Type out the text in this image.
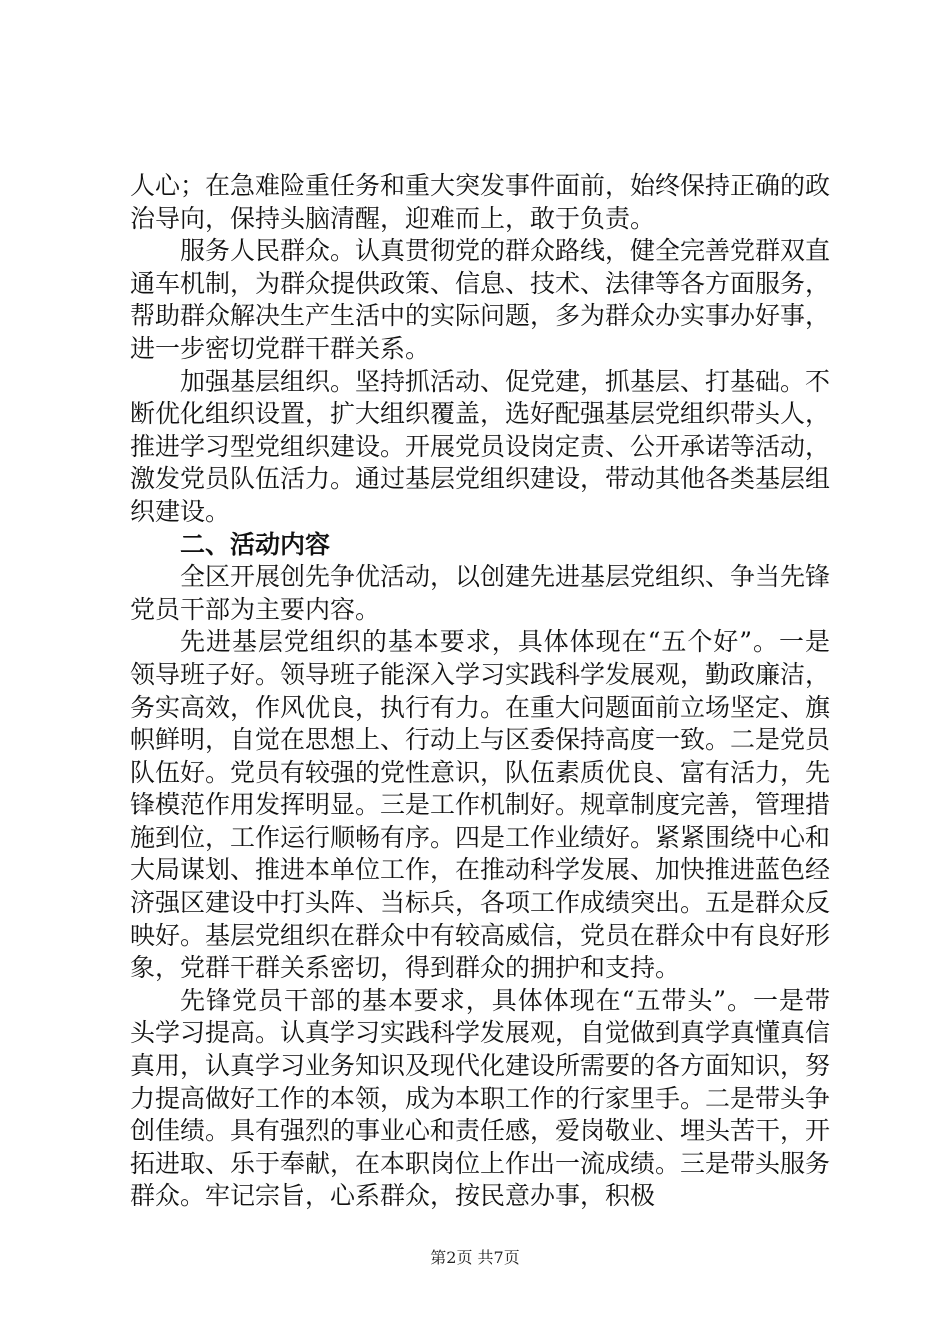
人心；在急难险重任务和重大突发事件面前，始终保持正确的政治导向，保持头脑清醒，迎难而上，敢于负责。

服务人民群众。认真贯彻党的群众路线，健全完善党群双直通车机制，为群众提供政策、信息、技术、法律等各方面服务，帮助群众解决生产生活中的实际问题，多为群众办实事办好事，进一步密切党群干群关系。

加强基层组织。坚持抓活动、促党建，抓基层、打基础。不断优化组织设置，扩大组织覆盖，选好配强基层党组织带头人，推进学习型党组织建设。开展党员设岗定责、公开承诺等活动，激发党员队伍活力。通过基层党组织建设，带动其他各类基层组织建设。

二、活动内容

全区开展创先争优活动，以创建先进基层党组织、争当先锋党员干部为主要内容。

先进基层党组织的基本要求，具体体现在“五个好”。一是领导班子好。领导班子能深入学习实践科学发展观，勤政廉洁，务实高效，作风优良，执行有力。在重大问题面前立场坚定、旗帜鲜明，自觉在思想上、行动上与区委保持高度一致。二是党员队伍好。党员有较强的党性意识，队伍素质优良、富有活力，先锋模范作用发挥明显。三是工作机制好。规章制度完善，管理措施到位，工作运行顺畅有序。四是工作业绩好。紧紧围绕中心和大局谋划、推进本单位工作，在推动科学发展、加快推进蓝色经济强区建设中打头阵、当标兵，各项工作成绩突出。五是群众反映好。基层党组织在群众中有较高威信，党员在群众中有良好形象，党群干群关系密切，得到群众的拥护和支持。

先锋党员干部的基本要求，具体体现在“五带头”。一是带头学习提高。认真学习实践科学发展观，自觉做到真学真懂真信真用，认真学习业务知识及现代化建设所需要的各方面知识，努力提高做好工作的本领，成为本职工作的行家里手。二是带头争创佳绩。具有强烈的事业心和责任感，爱岗敬业、埋头苦干，开拓进取、乐于奉献，在本职岗位上作出一流成绩。三是带头服务群众。牢记宗旨，心系群众，按民意办事，积极

第2页 共7页
